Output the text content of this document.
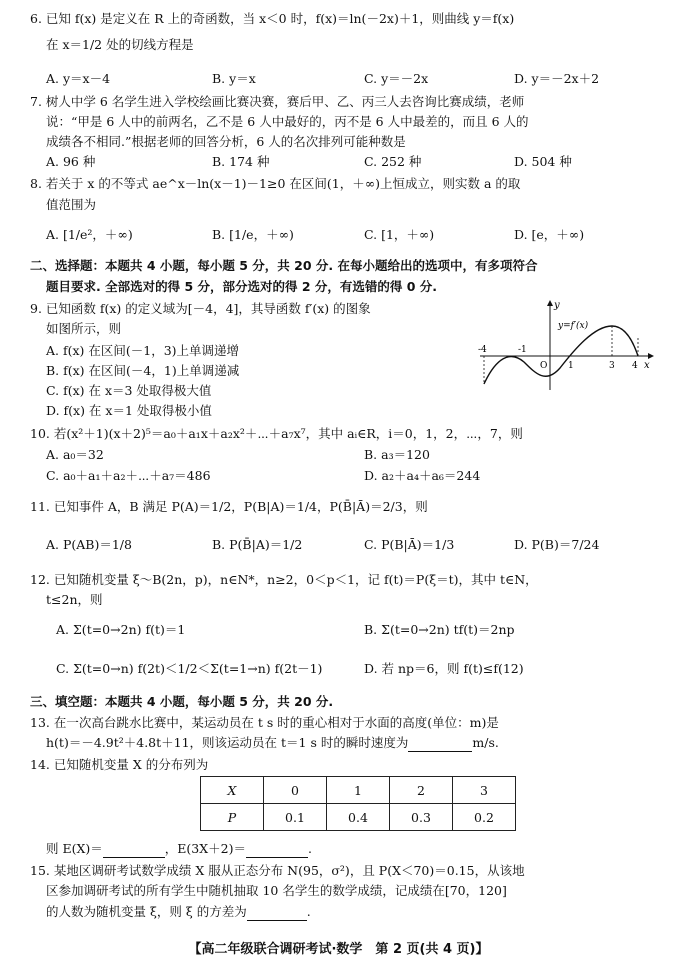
6. 已知 f(x) 是定义在 R 上的奇函数，当 x＜0 时，f(x)＝ln(－2x)＋1，则曲线 y＝f(x)
在 x＝1/2 处的切线方程是
A. y＝x－4	B. y＝x	C. y＝－2x	D. y＝－2x＋2
7. 树人中学 6 名学生进入学校绘画比赛决赛，赛后甲、乙、丙三人去咨询比赛成绩，老师
说：“甲是 6 人中的前两名，乙不是 6 人中最好的，丙不是 6 人中最差的，而且 6 人的
成绩各不相同.”根据老师的回答分析，6 人的名次排列可能种数是
A. 96 种	B. 174 种	C. 252 种	D. 504 种
8. 若关于 x 的不等式 ae^x－ln(x－1)－1≥0 在区间(1，＋∞)上恒成立，则实数 a 的取
值范围为
A. [1/e²，＋∞)	B. [1/e，＋∞)	C. [1，＋∞)	D. [e，＋∞)
二、选择题：本题共 4 小题，每小题 5 分，共 20 分. 在每小题给出的选项中，有多项符合
题目要求. 全部选对的得 5 分，部分选对的得 2 分，有选错的得 0 分.
9. 已知函数 f(x) 的定义域为[－4，4]，其导函数 f′(x) 的图象
如图所示，则
A. f(x) 在区间(－1，3)上单调递增
B. f(x) 在区间(－4，1)上单调递减
C. f(x) 在 x＝3 处取得极大值
D. f(x) 在 x＝1 处取得极小值
y
x
y=f′(x)
O
-4	-1
1	3 4
10. 若(x²＋1)(x＋2)⁵＝a₀＋a₁x＋a₂x²＋⋯＋a₇x⁷，其中 aᵢ∈R，i＝0，1，2，⋯，7，则
A. a₀＝32	B. a₃＝120
C. a₀＋a₁＋a₂＋⋯＋a₇＝486	D. a₂＋a₄＋a₆＝244
11. 已知事件 A，B 满足 P(A)＝1/2，P(B|A)＝1/4，P(B̄|Ā)＝2/3，则
A. P(AB)＝1/8	B. P(B̄|A)＝1/2	C. P(B|Ā)＝1/3	D. P(B)＝7/24
12. 已知随机变量 ξ～B(2n，p)，n∈N*，n≥2，0＜p＜1，记 f(t)＝P(ξ＝t)，其中 t∈N，
t≤2n，则
A. Σ(t=0→2n) f(t)＝1	B. Σ(t=0→2n) tf(t)＝2np
C. Σ(t=0→n) f(2t)＜1/2＜Σ(t=1→n) f(2t－1)	D. 若 np＝6，则 f(t)≤f(12)
三、填空题：本题共 4 小题，每小题 5 分，共 20 分.
13. 在一次高台跳水比赛中，某运动员在 t s 时的重心相对于水面的高度(单位：m)是
h(t)＝－4.9t²＋4.8t＋11，则该运动员在 t＝1 s 时的瞬时速度为	m/s.
14. 已知随机变量 X 的分布列为
X	0	1	2	3
P	0.1	0.4	0.3	0.2
则 E(X)＝	，E(3X＋2)＝	.
15. 某地区调研考试数学成绩 X 服从正态分布 N(95，σ²)，且 P(X＜70)＝0.15，从该地
区参加调研考试的所有学生中随机抽取 10 名学生的数学成绩，记成绩在[70，120]
的人数为随机变量 ξ，则 ξ 的方差为	.
【高二年级联合调研考试·数学　第 2 页(共 4 页)】
